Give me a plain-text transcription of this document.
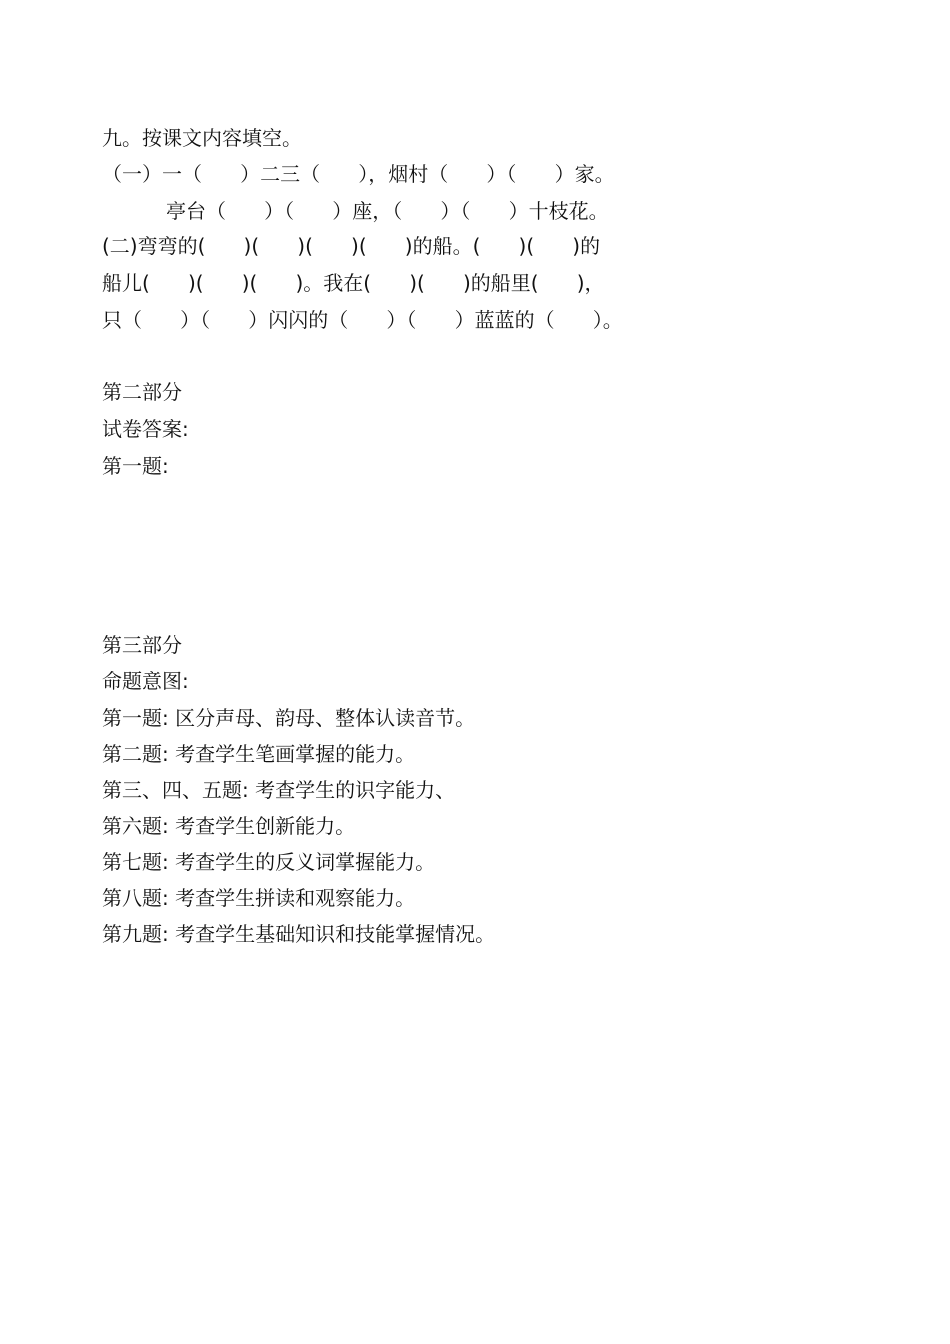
九。按课文内容填空。
（一）一（      ）二三（      ），烟村（      ）（      ）家。
亭台（      ）（      ）座，（      ）（      ）十枝花。
(二)弯弯的(      )(      )(      )(      )的船。(      )(      )的
船儿(      )(      )(      )。我在(      )(      )的船里(      )，
只（      ）（      ）闪闪的（      ）（      ）蓝蓝的（      ）。
第二部分
试卷答案:
第一题:
第三部分
命题意图:
第一题: 区分声母、韵母、整体认读音节。
第二题: 考查学生笔画掌握的能力。
第三、四、五题: 考查学生的识字能力、
第六题: 考查学生创新能力。
第七题: 考查学生的反义词掌握能力。
第八题: 考查学生拼读和观察能力。
第九题: 考查学生基础知识和技能掌握情况。
